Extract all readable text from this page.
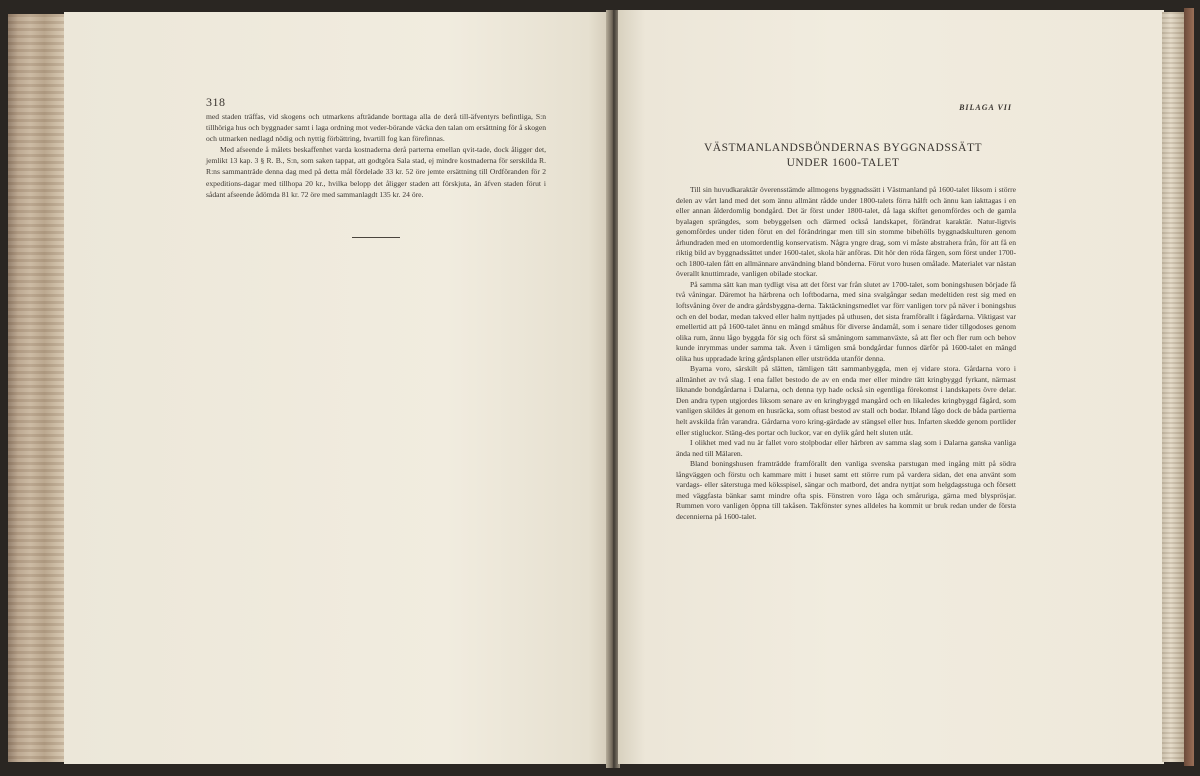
318

med staden träffas, vid skogens och utmarkens afträdande borttaga alla de derå till-äfventyrs befintliga, S:n tillhöriga hus och byggnader samt i laga ordning mot veder-börande väcka den talan om ersättning för å skogen och utmarken nedlagd nödig och nyttig förbättring, hvartill fog kan förefinnas.

Med afseende å målets beskaffenhet varda kostnaderna derå parterna emellan qvit-tade, dock åligger det, jemlikt 13 kap. 3 § R. B., S:n, som saken tappat, att godtgöra Sala stad, ej mindre kostnaderna för serskilda R. R:ns sammanträde denna dag med på detta mål fördelade 33 kr. 52 öre jemte ersättning till Ordföranden för 2 expeditions-dagar med tillhopa 20 kr., hvilka belopp det åligger staden att förskjuta, än äfven staden förut i sådant afseende ådömda 81 kr. 72 öre med sammanlagdt 135 kr. 24 öre.

BILAGA VII
VÄSTMANLANDSBÖNDERNAS BYGGNADSSÄTT
UNDER 1600-TALET

Till sin huvudkaraktär överensstämde allmogens byggnadssätt i Västmanland på 1600-talet liksom i större delen av vårt land med det som ännu allmänt rådde under 1800-talets förra hälft och ännu kan iakttagas i en eller annan ålderdomlig bondgård. Det är först under 1800-talet, då laga skiftet genomfördes och de gamla byalagen sprängdes, som bebyggelsen och därmed också landskapet, förändrat karaktär. Natur-ligtvis genomfördes under tiden förut en del förändringar men till sin stomme bibehölls byggnadskulturen genom århundraden med en utomordentlig konservatism. Några yngre drag, som vi måste abstrahera från, för att få en riktig bild av byggnadssättet under 1600-talet, skola här anföras. Dit hör den röda färgen, som först under 1700- och 1800-talen fått en allmännare användning bland bönderna. Förut voro husen omålade. Materialet var nästan överallt knuttimrade, vanligen obilade stockar.

På samma sätt kan man tydligt visa att det först var från slutet av 1700-talet, som boningshusen började få två våningar. Däremot ha härbrena och loftbodarna, med sina svalgångar sedan medeltiden rest sig med en loftsvåning över de andra gårdsbyggna-derna. Taktäckningsmedlet var förr vanligen torv på näver i boningshus och en del bodar, medan takved eller halm nyttjades på uthusen, det sista framförallt i fägårdarna. Viktigast var emellertid att på 1600-talet ännu en mängd småhus för diverse ändamål, som i senare tider tillgodoses genom olika rum, ännu lågo byggda för sig och först så småningom sammanväxte, så att fler och fler rum och behov kunde inrymmas under samma tak. Även i tämligen små bondgårdar funnos därför på 1600-talet en mängd olika hus uppradade kring gårdsplanen eller utströdda utanför denna.

Byarna voro, särskilt på slätten, tämligen tätt sammanbyggda, men ej vidare stora. Gårdarna voro i allmänhet av två slag. I ena fallet bestodo de av en enda mer eller mindre tätt kringbyggd fyrkant, närmast liknande bondgårdarna i Dalarna, och denna typ hade också sin egentliga förekomst i landskapets övre delar. Den andra typen utgjordes liksom senare av en kringbyggd mangård och en likaledes kringbyggd fägård, som vanligen skildes åt genom en husräcka, som oftast bestod av stall och bodar. Ibland lågo dock de båda partierna helt avskilda från varandra. Gårdarna voro kring-gärdade av stängsel eller hus. Infarten skedde genom portlider eller stigluckor. Stäng-des portar och luckor, var en dylik gård helt sluten utåt.

I olikhet med vad nu är fallet voro stolpbodar eller härbren av samma slag som i Dalarna ganska vanliga ända ned till Mälaren.

Bland boningshusen framträdde framförallt den vanliga svenska parstugan med ingång mitt på södra långväggen och förstu och kammare mitt i huset samt ett större rum på vardera sidan, det ena använt som vardags- eller säterstuga med köksspisel, sängar och matbord, det andra nyttjat som helgdagsstuga och försett med väggfasta bänkar samt mindre ofta spis. Fönstren voro låga och småruriga, gärna med blysprösjar. Rummen voro vanligen öppna till takåsen. Takfönster synes alldeles ha kommit ur bruk redan under de första decennierna på 1600-talet.
